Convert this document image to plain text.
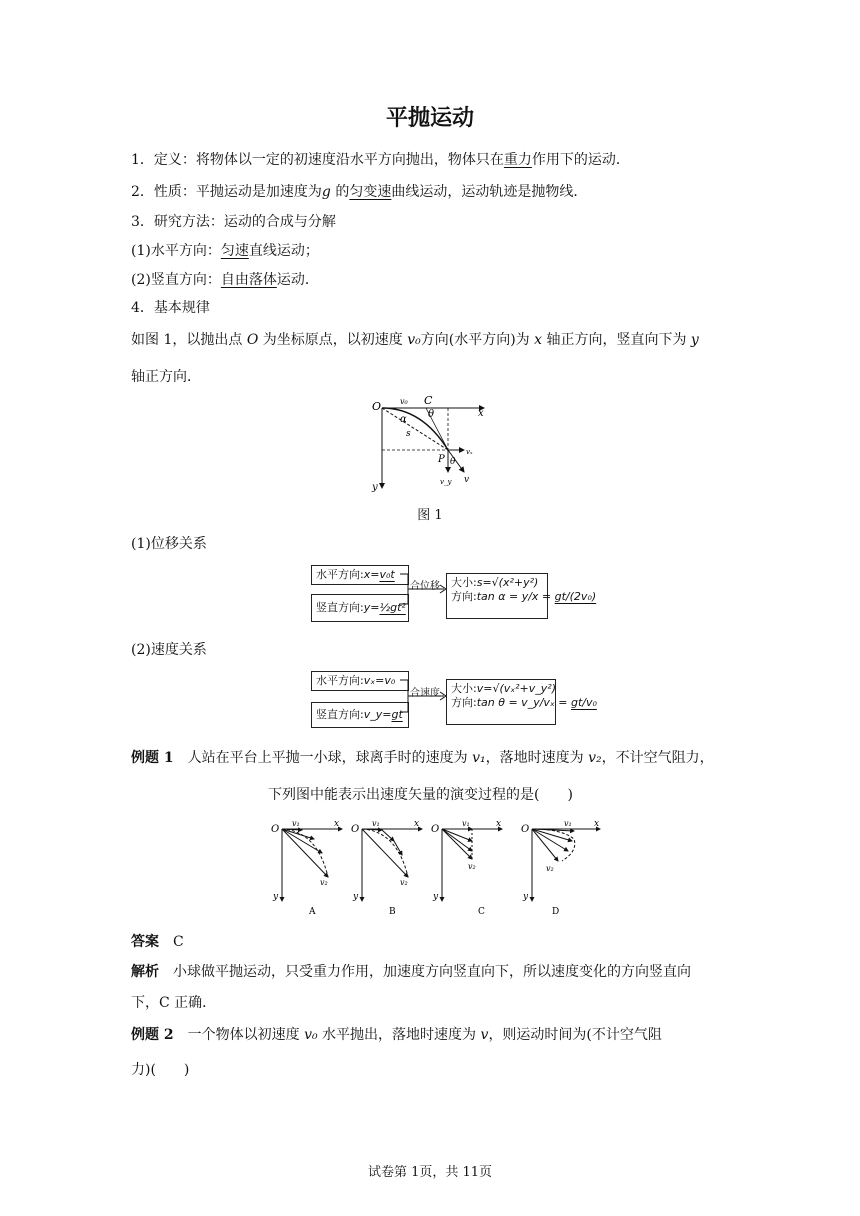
平抛运动
1．定义：将物体以一定的初速度沿水平方向抛出，物体只在重力作用下的运动．
2．性质：平抛运动是加速度为g 的匀变速曲线运动，运动轨迹是抛物线．
3．研究方法：运动的合成与分解
(1)水平方向：匀速直线运动；
(2)竖直方向：自由落体运动．
4．基本规律
如图 1，以抛出点 O 为坐标原点，以初速度 v₀方向(水平方向)为 x 轴正方向，竖直向下为 y
轴正方向．
O v₀ C
x
α θ
s
P θ
vₓ
v_y v
y
图 1
(1)位移关系
水平方向:x=v₀t
竖直方向:y=½gt²
合位移 大小:s=√(x²+y²)
方向:tan α = y/x = gt/(2v₀)
(2)速度关系
水平方向:vₓ=v₀
竖直方向:v_y=gt
合速度 大小:v=√(vₓ²+v_y²)
方向:tan θ = v_y/vₓ = gt/v₀
例题 1　 人站在平台上平抛一小球，球离手时的速度为 v₁，落地时速度为 v₂，不计空气阻力，
下列图中能表示出速度矢量的演变过程的是(　　)
O
v₁	x
v₂
y
A
O
v₁	x
v₂
y
B
O
v₁	x
v₂
y
C
O
v₁ x
v₂
y
D
答案　 C
解析　 小球做平抛运动，只受重力作用，加速度方向竖直向下，所以速度变化的方向竖直向
下，C 正确．
例题 2　 一个物体以初速度 v₀ 水平抛出，落地时速度为 v，则运动时间为(不计空气阻
力)(　　)
试卷第 1页，共 11页
